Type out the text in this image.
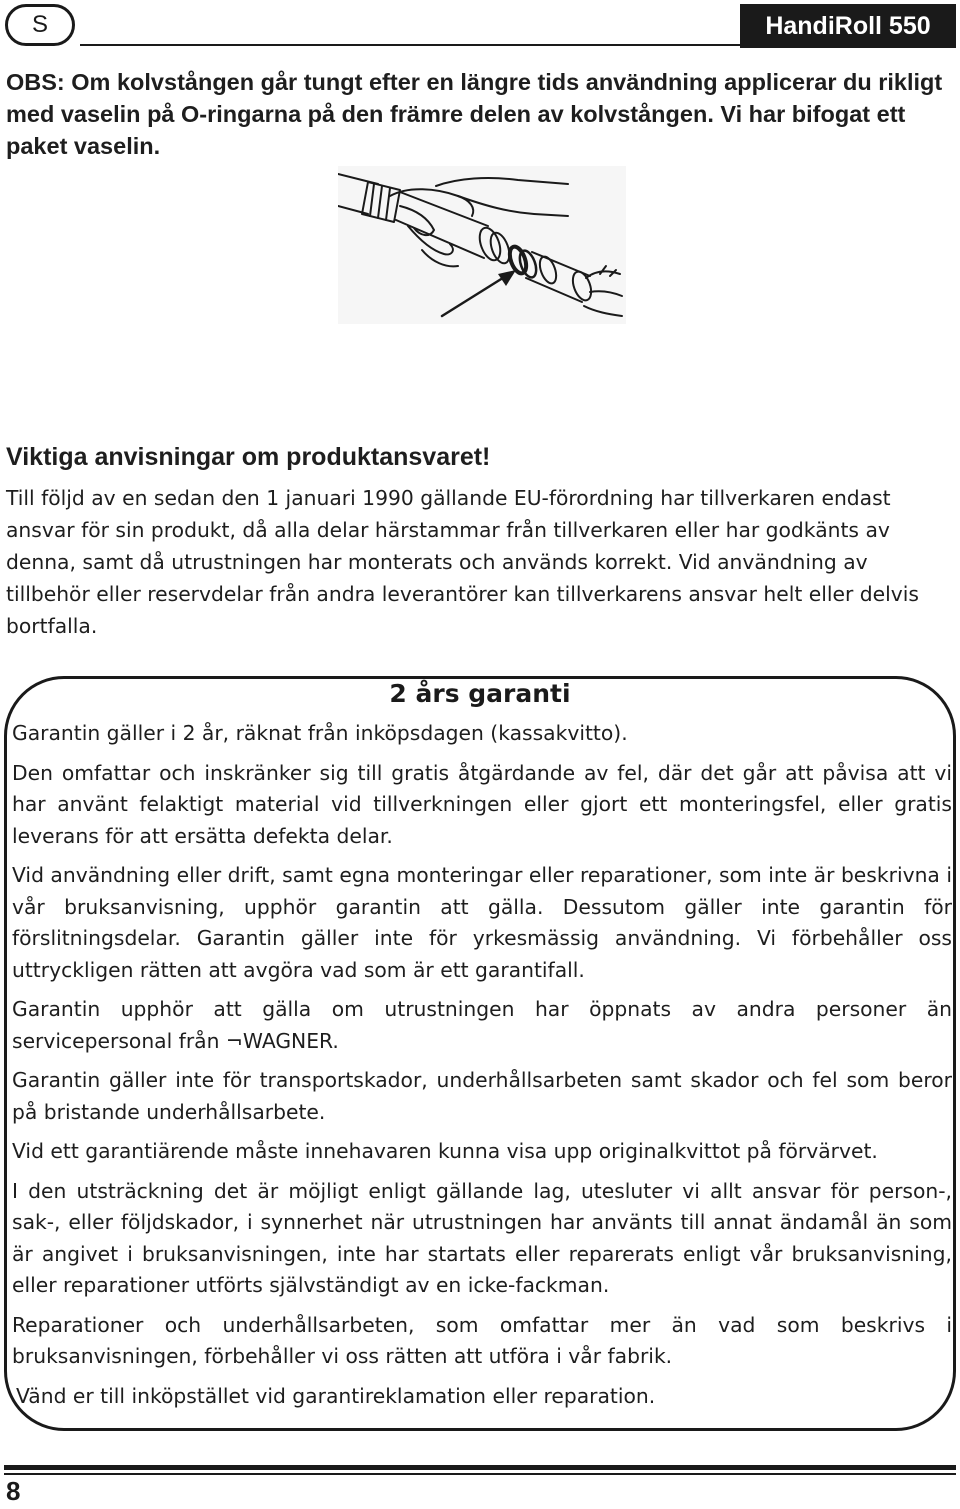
S	HandiRoll 550

OBS: Om kolvstången går tungt efter en längre tids användning applicerar du rikligt med vaselin på O-ringarna på den främre delen av kolvstången. Vi har bifogat ett paket vaselin.

Viktiga anvisningar om produktansvaret!

Till följd av en sedan den 1 januari 1990 gällande EU-förordning har tillverkaren endast ansvar för sin produkt, då alla delar härstammar från tillverkaren eller har godkänts av denna, samt då utrustningen har monterats och används korrekt. Vid användning av tillbehör eller reservdelar från andra leverantörer kan tillverkarens ansvar helt eller delvis bortfalla.

2 års garanti

Garantin gäller i 2 år, räknat från inköpsdagen (kassakvitto).

Den omfattar och inskränker sig till gratis åtgärdande av fel, där det går att påvisa att vi har använt felaktigt material vid tillverkningen eller gjort ett monteringsfel, eller gratis leverans för att ersätta defekta delar.

Vid användning eller drift, samt egna monteringar eller reparationer, som inte är beskrivna i vår bruksanvisning, upphör garantin att gälla. Dessutom gäller inte garantin för förslitningsdelar. Garantin gäller inte för yrkesmässig användning. Vi förbehåller oss uttryckligen rätten att avgöra vad som är ett garantifall.

Garantin upphör att gälla om utrustningen har öppnats av andra personer än servicepersonal från ¬WAGNER.

Garantin gäller inte för transportskador, underhållsarbeten samt skador och fel som beror på bristande underhållsarbete.

Vid ett garantiärende måste innehavaren kunna visa upp originalkvittot på förvärvet.

I den utsträckning det är möjligt enligt gällande lag, utesluter vi allt ansvar för person-, sak-, eller följdskador, i synnerhet när utrustningen har använts till annat ändamål än som är angivet i bruksanvisningen, inte har startats eller reparerats enligt vår bruksanvisning, eller reparationer utförts självständigt av en icke-fackman.

Reparationer och underhållsarbeten, som omfattar mer än vad som beskrivs i bruksanvisningen, förbehåller vi oss rätten att utföra i vår fabrik.

Vänd er till inköpstället vid garantireklamation eller reparation.

8
